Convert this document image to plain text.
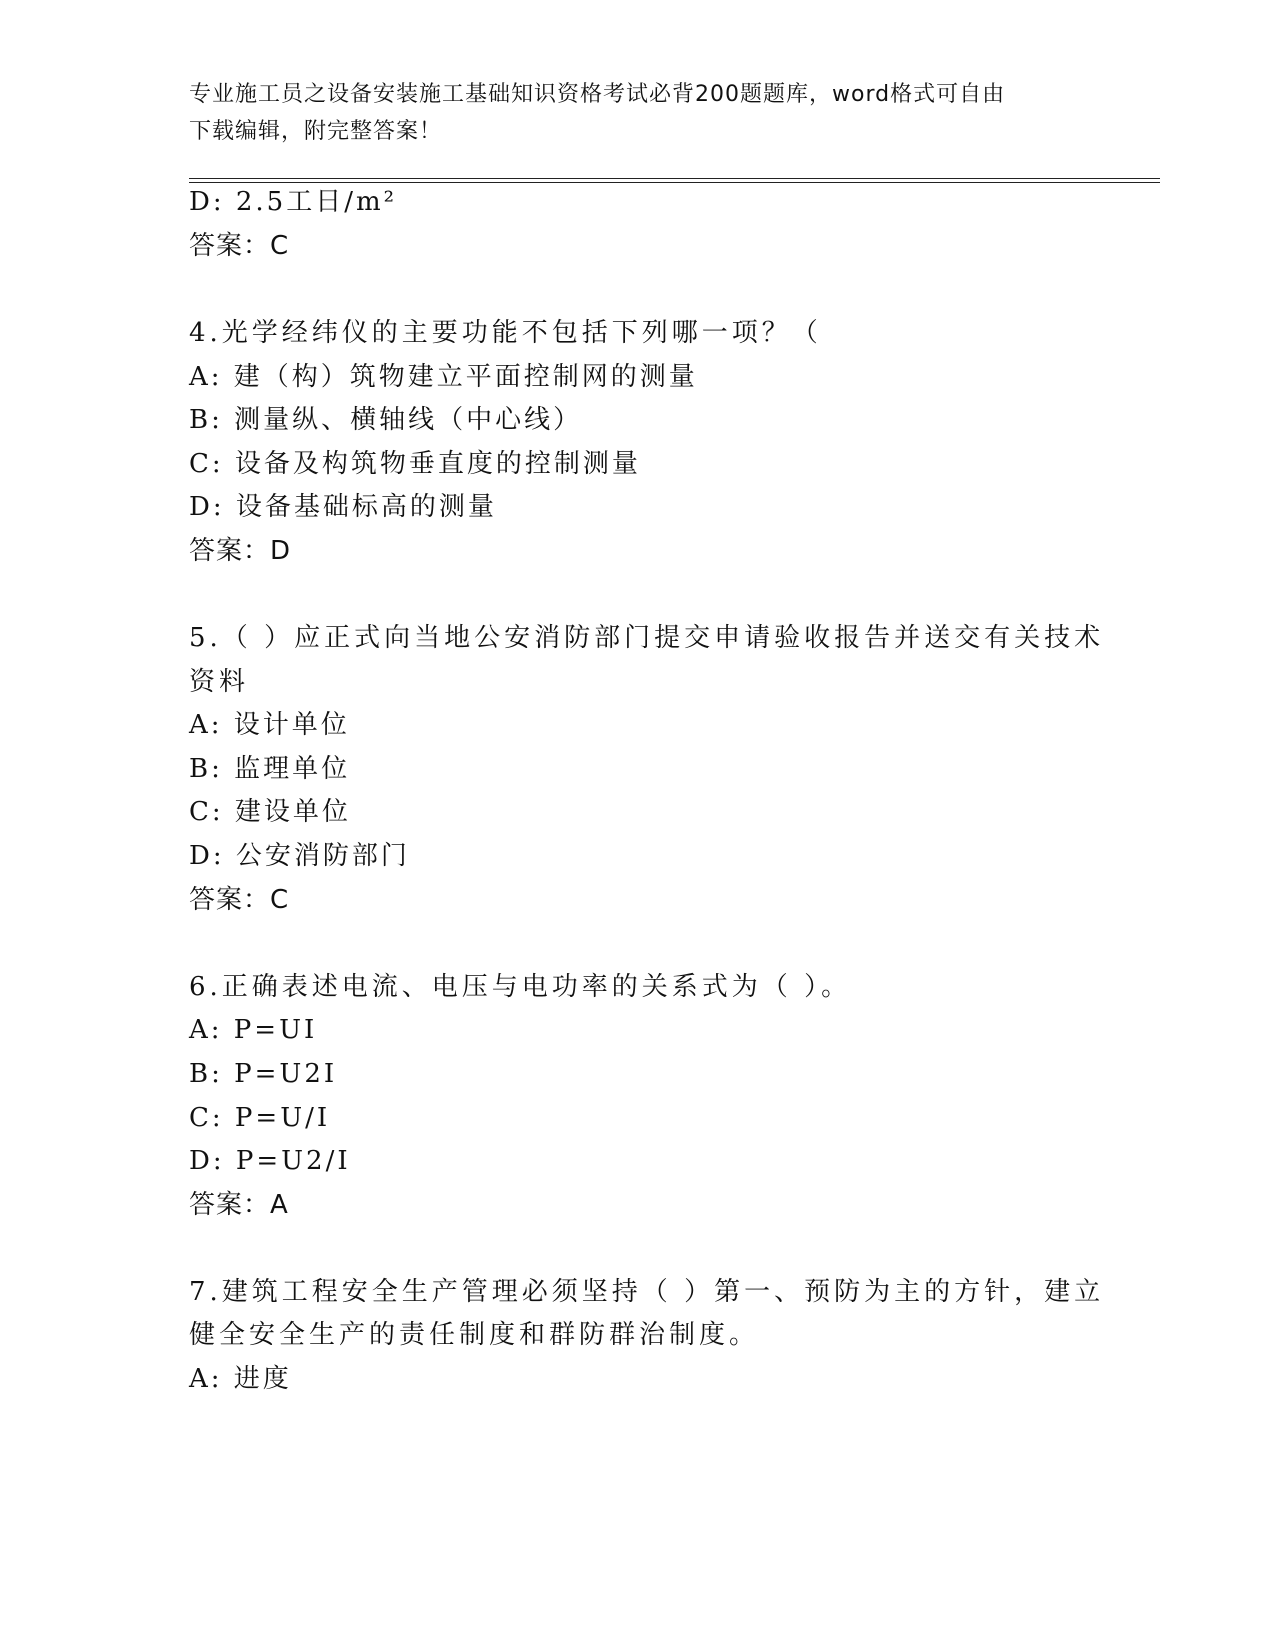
专业施工员之设备安装施工基础知识资格考试必背200题题库，word格式可自由
下载编辑，附完整答案！
D: 2.5工日/m²
答案：C
4.光学经纬仪的主要功能不包括下列哪一项？（
A: 建（构）筑物建立平面控制网的测量
B: 测量纵、横轴线（中心线）
C: 设备及构筑物垂直度的控制测量
D: 设备基础标高的测量
答案：D
5.（ ）应正式向当地公安消防部门提交申请验收报告并送交有关技术
资料
A: 设计单位
B: 监理单位
C: 建设单位
D: 公安消防部门
答案：C
6.正确表述电流、电压与电功率的关系式为（ ）。
A: P=UI
B: P=U2I
C: P=U/I
D: P=U2/I
答案：A
7.建筑工程安全生产管理必须坚持（ ）第一、预防为主的方针，建立
健全安全生产的责任制度和群防群治制度。
A: 进度
